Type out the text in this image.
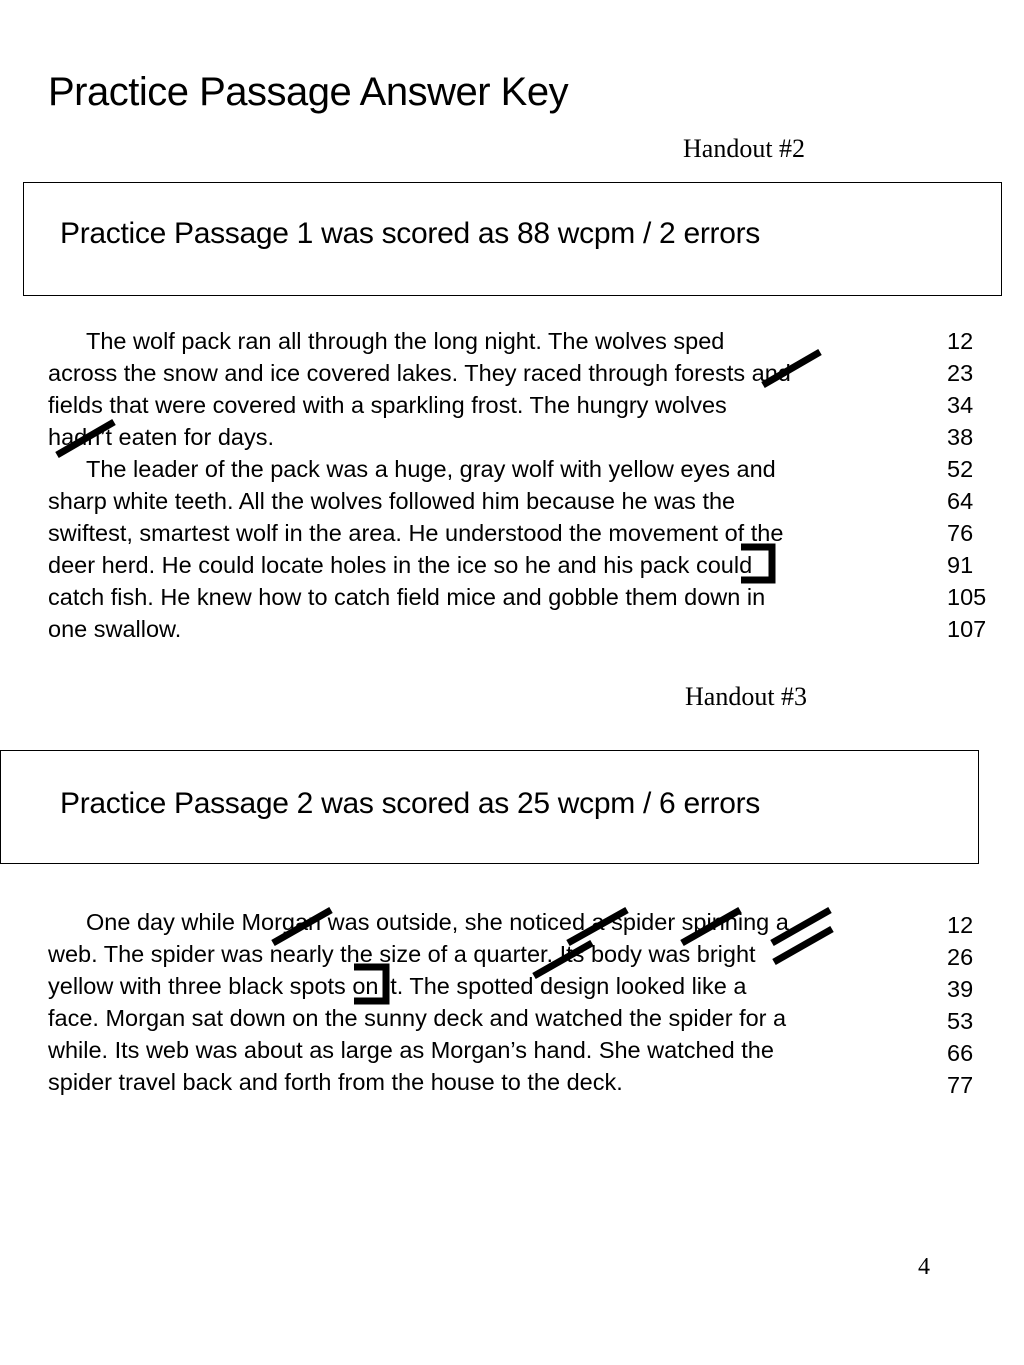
Practice Passage Answer Key
Handout #2
Practice Passage 1 was scored as 88 wcpm / 2 errors
The wolf pack ran all through the long night. The wolves sped
across the snow and ice covered lakes. They raced through forests and
fields that were covered with a sparkling frost. The hungry wolves
hadn’t eaten for days.
The leader of the pack was a huge, gray wolf with yellow eyes and
sharp white teeth. All the wolves followed him because he was the
swiftest, smartest wolf in the area. He understood the movement of the
deer herd. He could locate holes in the ice so he and his pack could
catch fish. He knew how to catch field mice and gobble them down in
one swallow.
12
23
34
38
52
64
76
91
105
107
Handout #3
Practice Passage 2 was scored as 25 wcpm / 6 errors
One day while Morgan was outside, she noticed a spider spinning a
web. The spider was nearly the size of a quarter. Its body was bright
yellow with three black spots on it. The spotted design looked like a
face. Morgan sat down on the sunny deck and watched the spider for a
while. Its web was about as large as Morgan’s hand. She watched the
spider travel back and forth from the house to the deck.
12
26
39
53
66
77
4
